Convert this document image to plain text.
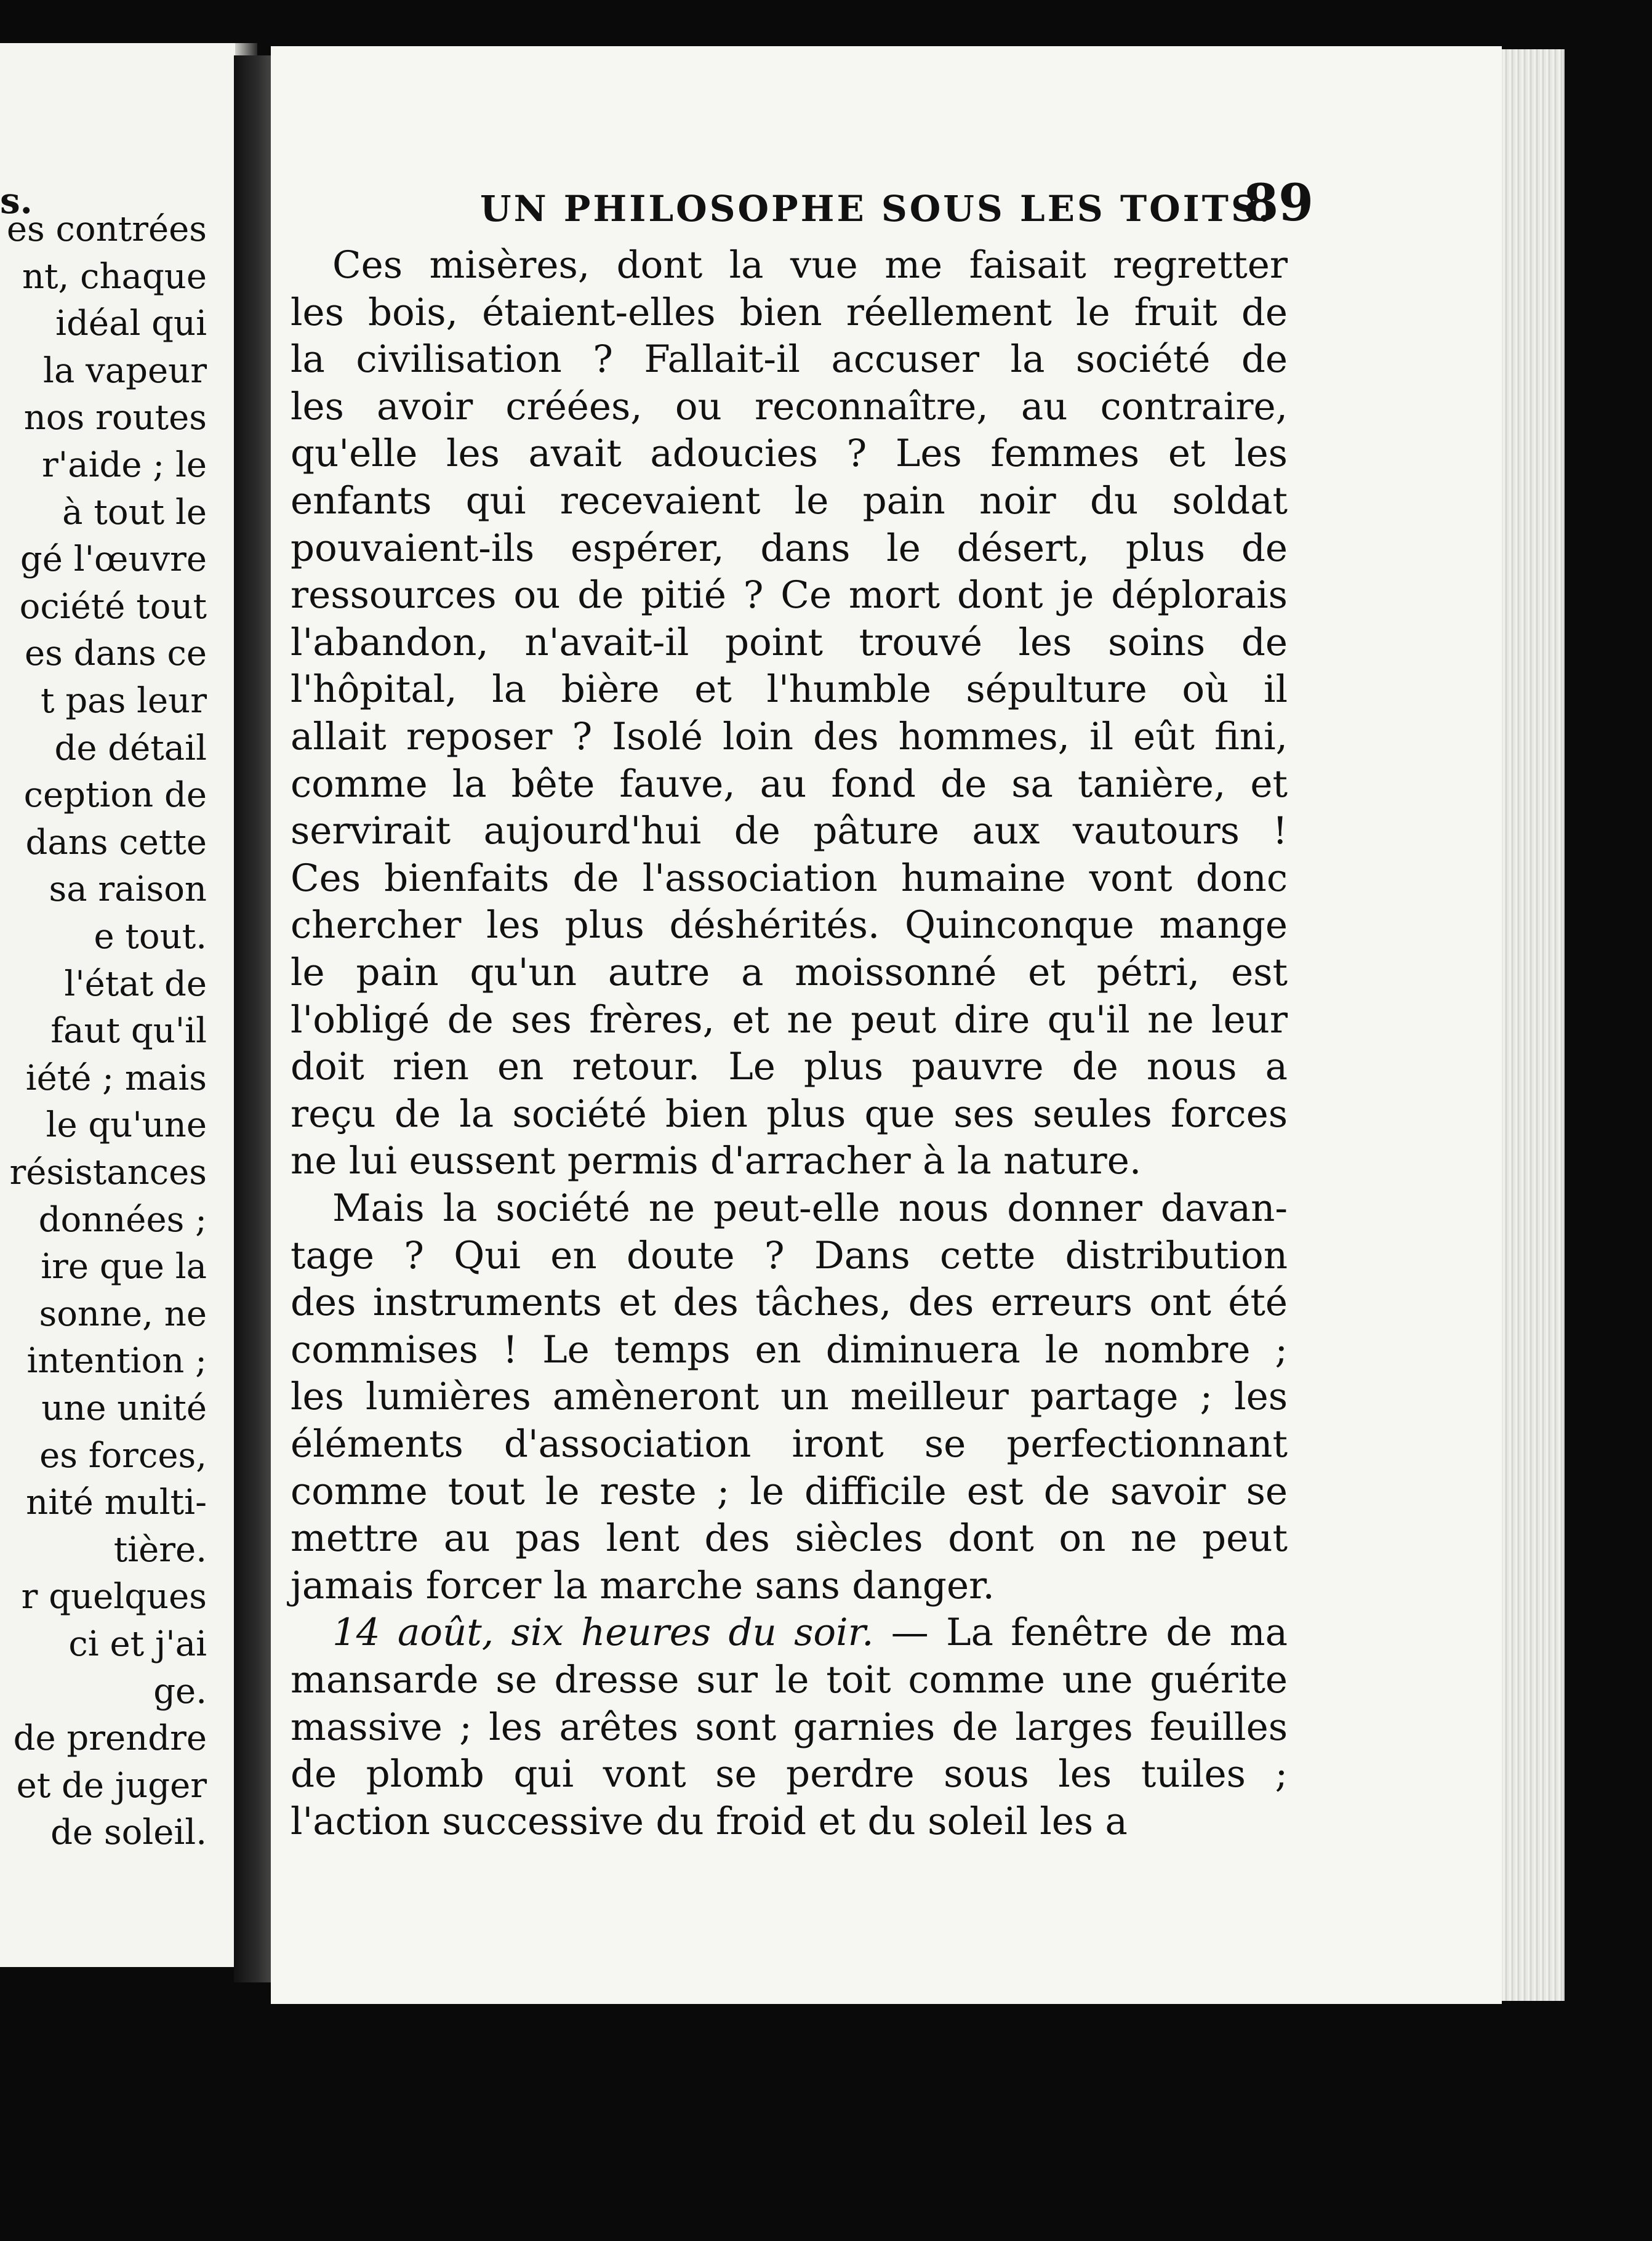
s.
es contrées
nt, chaque
idéal qui
la vapeur
nos routes
r'aide ; le
à tout le
gé l'œuvre
ociété tout
es dans ce
t pas leur
de détail
ception de
dans cette
sa raison
e tout.
l'état de
faut qu'il
iété ; mais
le qu'une
résistances
données ;
ire que la
sonne, ne
intention ;
une unité
es forces,
nité multi-
tière.
r quelques
ci et j'ai
ge.
de prendre
et de juger
de soleil.
UN PHILOSOPHE SOUS LES TOITS.
89
Ces misères, dont la vue me faisait regretter
les bois, étaient-elles bien réellement le fruit de
la civilisation ? Fallait-il accuser la société de
les avoir créées, ou reconnaître, au contraire,
qu'elle les avait adoucies ? Les femmes et les
enfants qui recevaient le pain noir du soldat
pouvaient-ils espérer, dans le désert, plus de
ressources ou de pitié ? Ce mort dont je déplorais
l'abandon, n'avait-il point trouvé les soins de
l'hôpital, la bière et l'humble sépulture où il
allait reposer ? Isolé loin des hommes, il eût fini,
comme la bête fauve, au fond de sa tanière, et
servirait aujourd'hui de pâture aux vautours !
Ces bienfaits de l'association humaine vont donc
chercher les plus déshérités. Quinconque mange
le pain qu'un autre a moissonné et pétri, est
l'obligé de ses frères, et ne peut dire qu'il ne leur
doit rien en retour. Le plus pauvre de nous a
reçu de la société bien plus que ses seules forces
ne lui eussent permis d'arracher à la nature.
Mais la société ne peut-elle nous donner davan-
tage ? Qui en doute ? Dans cette distribution
des instruments et des tâches, des erreurs ont été
commises ! Le temps en diminuera le nombre ;
les lumières amèneront un meilleur partage ; les
éléments d'association iront se perfectionnant
comme tout le reste ; le difficile est de savoir se
mettre au pas lent des siècles dont on ne peut
jamais forcer la marche sans danger.
14 août, six heures du soir. — La fenêtre de ma
mansarde se dresse sur le toit comme une guérite
massive ; les arêtes sont garnies de larges feuilles
de plomb qui vont se perdre sous les tuiles ;
l'action successive du froid et du soleil les a
